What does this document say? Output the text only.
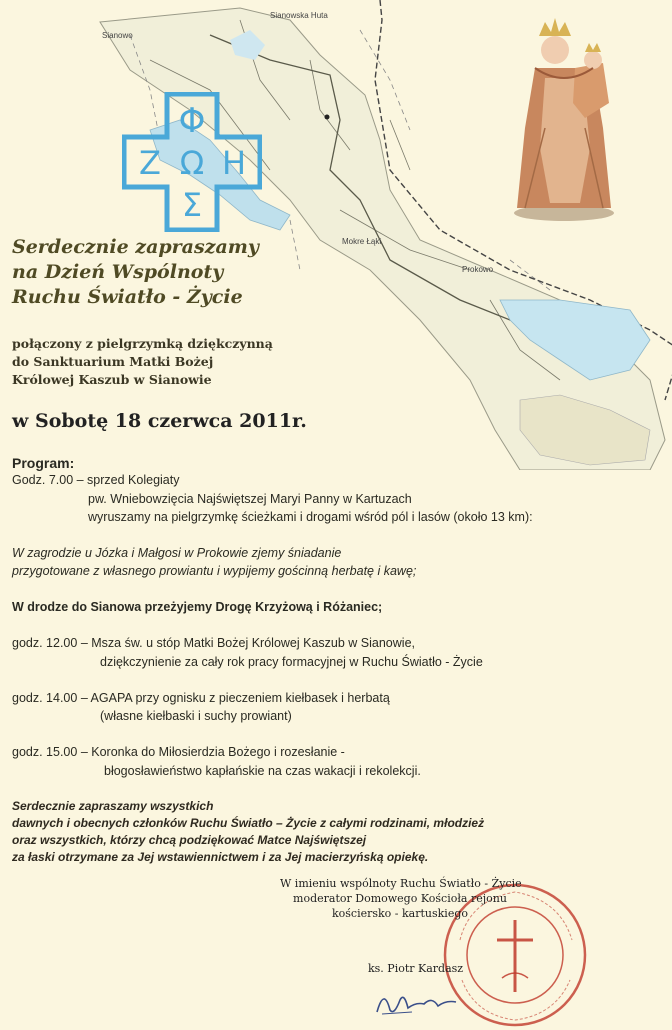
Sianowo
Sianowska Huta
Mokre Łąki
Prokowo
Φ
Ζ Ω Η
Σ
Serdecznie zapraszamy
na Dzień Wspólnoty
Ruchu Światło - Życie
połączony z pielgrzymką dziękczynną
do Sanktuarium Matki Bożej
Królowej Kaszub w Sianowie
w Sobotę 18 czerwca 2011r.
Program:
Godz. 7.00 – sprzed Kolegiaty
pw. Wniebowzięcia Najświętszej Maryi Panny w Kartuzach
wyruszamy na pielgrzymkę ścieżkami i drogami wśród pól i lasów (około 13 km):
W zagrodzie u Józka i Małgosi w Prokowie zjemy śniadanie
przygotowane z własnego prowiantu i wypijemy gościnną herbatę i kawę;
W drodze do Sianowa przeżyjemy Drogę Krzyżową i Różaniec;
godz. 12.00 – Msza św. u stóp Matki Bożej Królowej Kaszub w Sianowie,
dziękczynienie za cały rok pracy formacyjnej w Ruchu Światło - Życie
godz. 14.00 – AGAPA przy ognisku z pieczeniem kiełbasek i herbatą
(własne kiełbaski i suchy prowiant)
godz. 15.00 – Koronka do Miłosierdzia Bożego i rozesłanie -
błogosławieństwo kapłańskie na czas wakacji i rekolekcji.
Serdecznie zapraszamy wszystkich
dawnych i obecnych członków Ruchu Światło – Życie z całymi rodzinami, młodzież
oraz wszystkich, którzy chcą podziękować Matce Najświętszej
za łaski otrzymane za Jej wstawiennictwem i za Jej macierzyńską opiekę.
W imieniu wspólnoty Ruchu Światło - Życie
moderator Domowego Kościoła rejonu
kościersko - kartuskiego
ks. Piotr Kardasz
